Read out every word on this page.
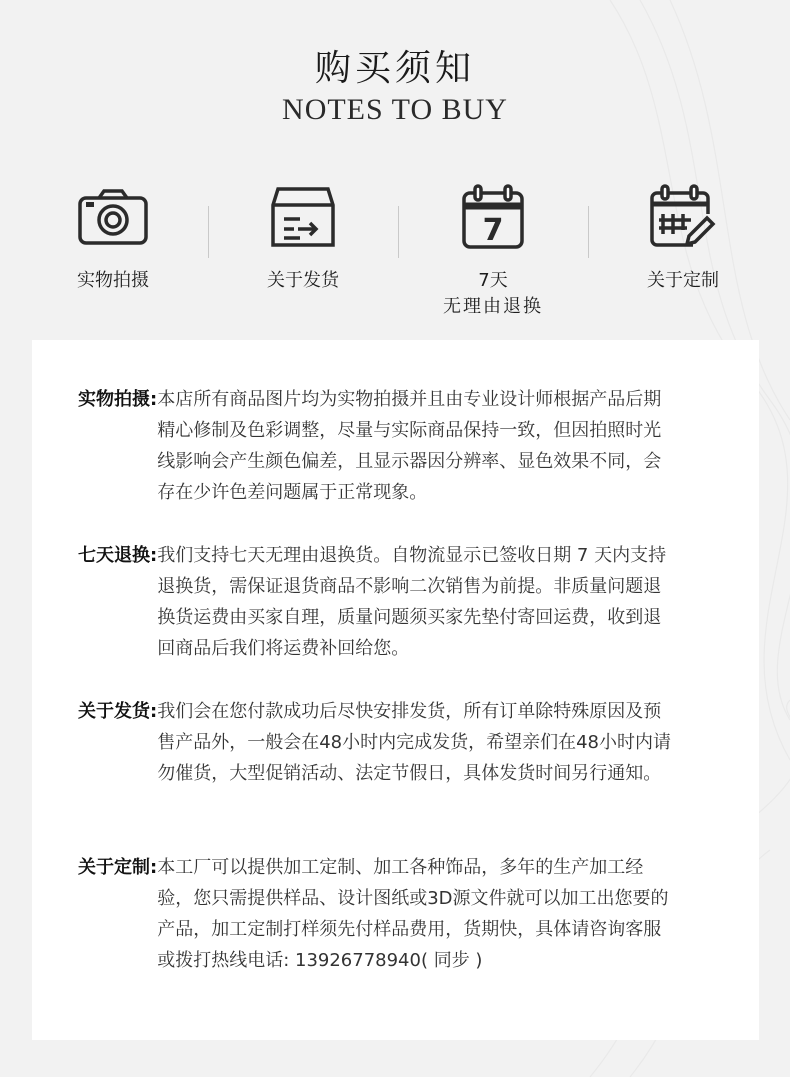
购买须知
NOTES TO BUY
实物拍摄	关于发货
7
7天
无理由退换
关于定制
实物拍摄: 本店所有商品图片均为实物拍摄并且由专业设计师根据产品后期精心修制及色彩调整，尽量与实际商品保持一致，但因拍照时光线影响会产生颜色偏差，且显示器因分辨率、显色效果不同，会存在少许色差问题属于正常现象。
七天退换: 我们支持七天无理由退换货。自物流显示已签收日期 7 天内支持退换货，需保证退货商品不影响二次销售为前提。非质量问题退换货运费由买家自理，质量问题须买家先垫付寄回运费，收到退回商品后我们将运费补回给您。
关于发货: 我们会在您付款成功后尽快安排发货，所有订单除特殊原因及预售产品外，一般会在48小时内完成发货，希望亲们在48小时内请勿催货，大型促销活动、法定节假日，具体发货时间另行通知。
关于定制: 本工厂可以提供加工定制、加工各种饰品，多年的生产加工经验，您只需提供样品、设计图纸或3D源文件就可以加工出您要的产品，加工定制打样须先付样品费用，货期快，具体请咨询客服或拨打热线电话: 13926778940( 同步 )
